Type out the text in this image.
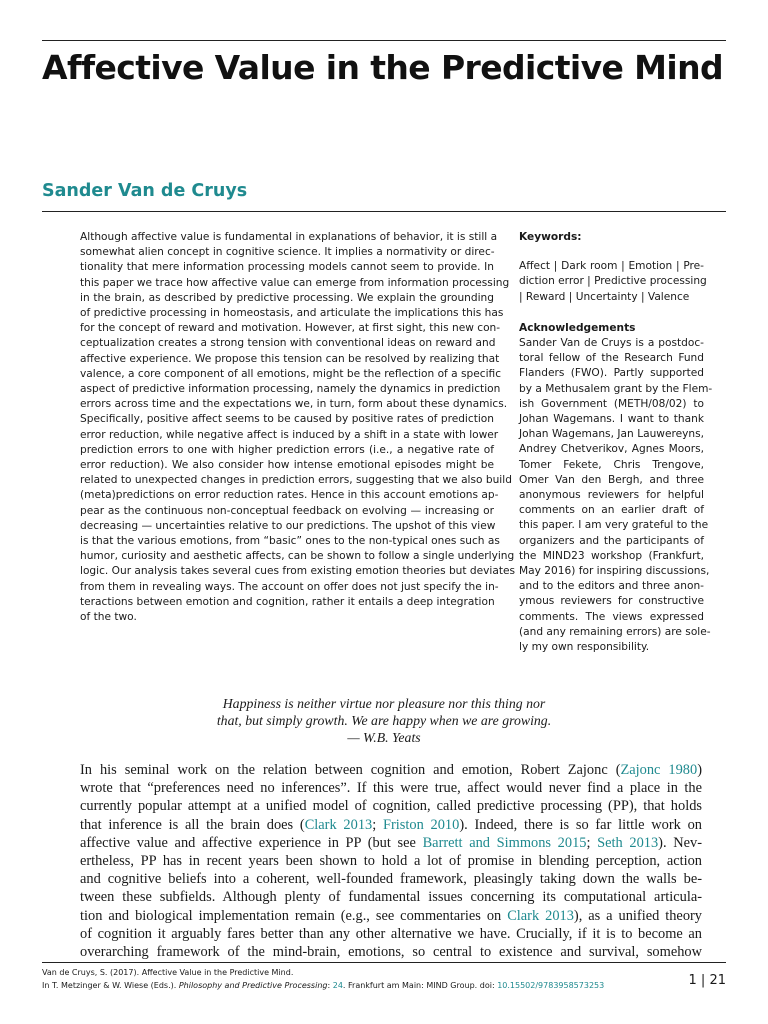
Affective Value in the Predictive Mind
Sander Van de Cruys
Although affective value is fundamental in explanations of behavior, it is still a
somewhat alien concept in cognitive science. It implies a normativity or direc-
tionality that mere information processing models cannot seem to provide. In
this paper we trace how affective value can emerge from information processing
in the brain, as described by predictive processing. We explain the grounding
of predictive processing in homeostasis, and articulate the implications this has
for the concept of reward and motivation. However, at first sight, this new con-
ceptualization creates a strong tension with conventional ideas on reward and
affective experience. We propose this tension can be resolved by realizing that
valence, a core component of all emotions, might be the reflection of a specific
aspect of predictive information processing, namely the dynamics in prediction
errors across time and the expectations we, in turn, form about these dynamics.
Specifically, positive affect seems to be caused by positive rates of prediction
error reduction, while negative affect is induced by a shift in a state with lower
prediction errors to one with higher prediction errors (i.e., a negative rate of
error reduction). We also consider how intense emotional episodes might be
related to unexpected changes in prediction errors, suggesting that we also build
(meta)predictions on error reduction rates. Hence in this account emotions ap-
pear as the continuous non-conceptual feedback on evolving — increasing or
decreasing — uncertainties relative to our predictions. The upshot of this view
is that the various emotions, from “basic” ones to the non-typical ones such as
humor, curiosity and aesthetic affects, can be shown to follow a single underlying
logic. Our analysis takes several cues from existing emotion theories but deviates
from them in revealing ways. The account on offer does not just specify the in-
teractions between emotion and cognition, rather it entails a deep integration
of the two.
Keywords:
Affect | Dark room | Emotion | Pre-
diction error | Predictive processing
| Reward | Uncertainty | Valence
Acknowledgements
Sander Van de Cruys is a postdoc-
toral fellow of the Research Fund
Flanders (FWO). Partly supported
by a Methusalem grant by the Flem-
ish Government (METH/08/02) to
Johan Wagemans. I want to thank
Johan Wagemans, Jan Lauwereyns,
Andrey Chetverikov, Agnes Moors,
Tomer Fekete, Chris Trengove,
Omer Van den Bergh, and three
anonymous reviewers for helpful
comments on an earlier draft of
this paper. I am very grateful to the
organizers and the participants of
the MIND23 workshop (Frankfurt,
May 2016) for inspiring discussions,
and to the editors and three anon-
ymous reviewers for constructive
comments. The views expressed
(and any remaining errors) are sole-
ly my own responsibility.
Happiness is neither virtue nor pleasure nor this thing nor
that, but simply growth. We are happy when we are growing.
— W.B. Yeats
In his seminal work on the relation between cognition and emotion, Robert Zajonc (Zajonc 1980)
wrote that “preferences need no inferences”. If this were true, affect would never find a place in the
currently popular attempt at a unified model of cognition, called predictive processing (PP), that holds
that inference is all the brain does (Clark 2013; Friston 2010). Indeed, there is so far little work on
affective value and affective experience in PP (but see Barrett and Simmons 2015; Seth 2013). Nev-
ertheless, PP has in recent years been shown to hold a lot of promise in blending perception, action
and cognitive beliefs into a coherent, well-founded framework, pleasingly taking down the walls be-
tween these subfields. Although plenty of fundamental issues concerning its computational articula-
tion and biological implementation remain (e.g., see commentaries on Clark 2013), as a unified theory
of cognition it arguably fares better than any other alternative we have. Crucially, if it is to become an
overarching framework of the mind-brain, emotions, so central to existence and survival, somehow
Van de Cruys, S. (2017). Affective Value in the Predictive Mind.
In T. Metzinger & W. Wiese (Eds.). Philosophy and Predictive Processing: 24. Frankfurt am Main: MIND Group. doi: 10.15502/9783958573253	1 | 21
